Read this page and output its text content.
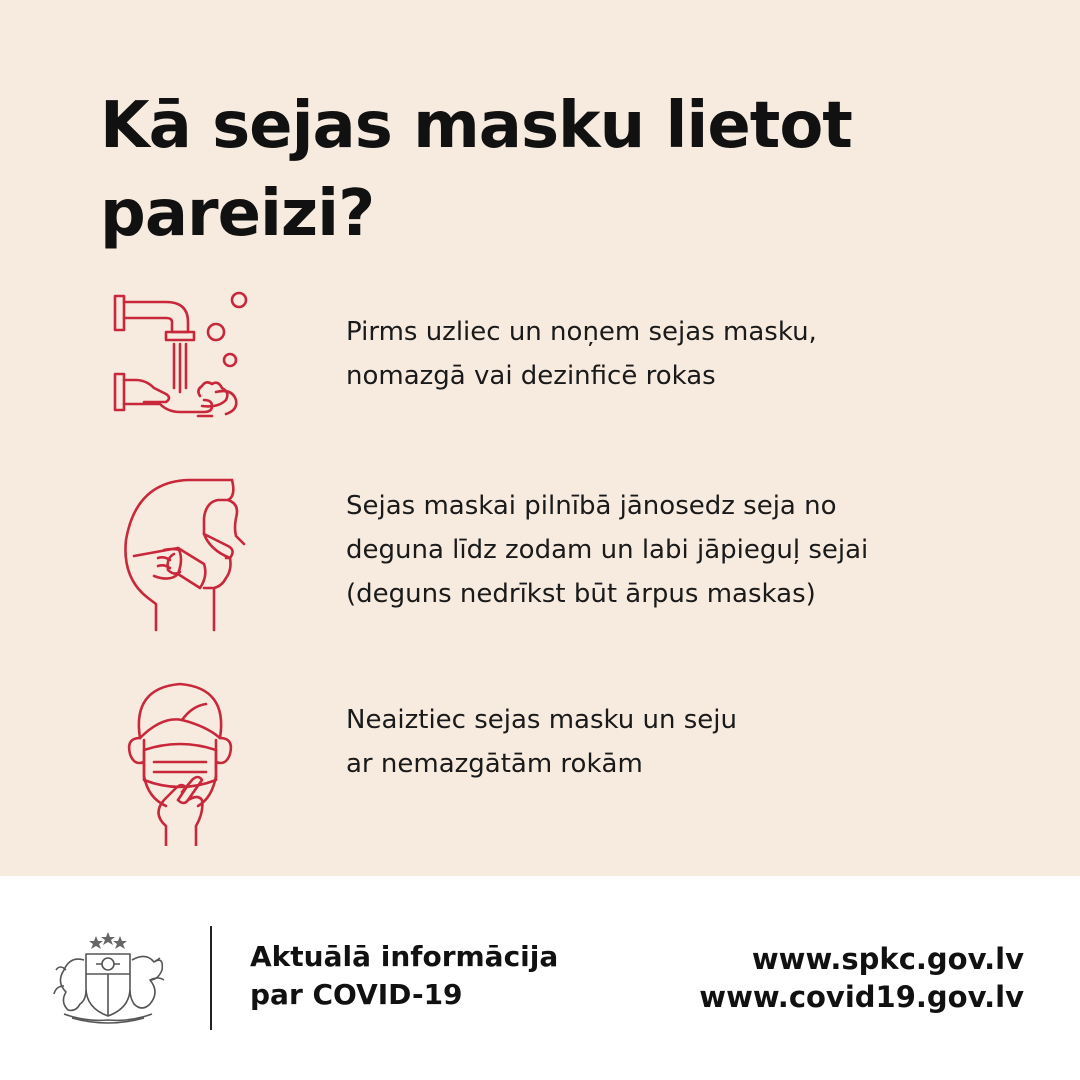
Kā sejas masku lietot pareizi?

Pirms uzliec un noņem sejas masku,
nomazgā vai dezinficē rokas

Sejas maskai pilnībā jānosedz seja no
deguna līdz zodam un labi jāpieguļ sejai
(deguns nedrīkst būt ārpus maskas)

Neaiztiec sejas masku un seju
ar nemazgātām rokām

Aktuālā informācija
par COVID-19

www.spkc.gov.lv
www.covid19.gov.lv
